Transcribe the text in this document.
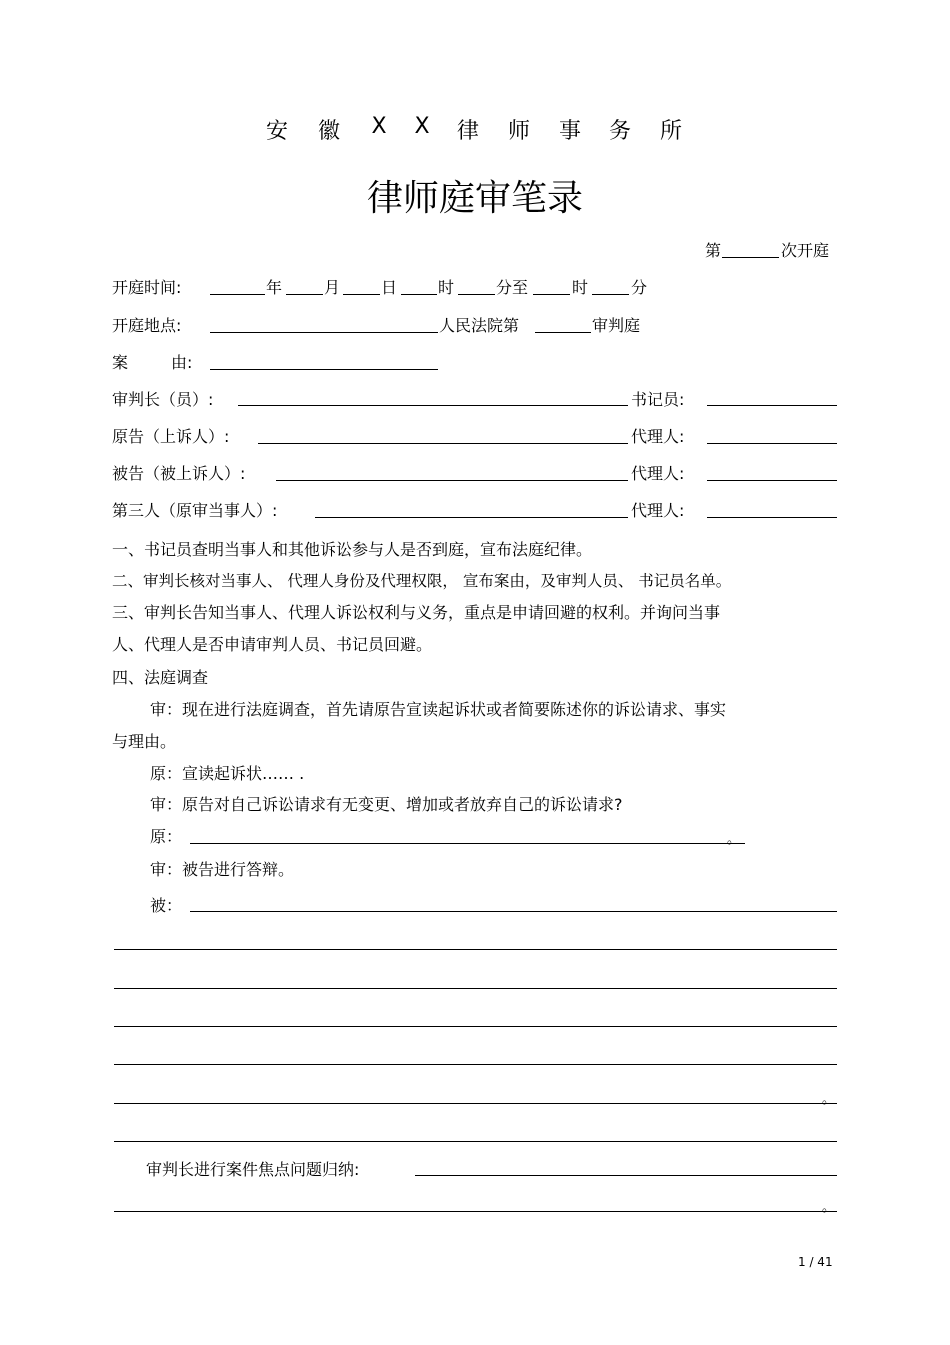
安 徽 X X 律 师 事 务 所
律师庭审笔录
第	次开庭
开庭时间:	年	月	日	时	分至	时	分
开庭地点:	人民法院第	审判庭
案	由:
审判长（员）:	书记员:
原告（上诉人）:	代理人:
被告（被上诉人）:	代理人:
第三人（原审当事人）:	代理人:
一、书记员查明当事人和其他诉讼参与人是否到庭，宣布法庭纪律。
二、审判长核对当事人、 代理人身份及代理权限， 宣布案由，及审判人员、 书记员名单。
三、审判长告知当事人、代理人诉讼权利与义务，重点是申请回避的权利。并询问当事
人、代理人是否申请审判人员、书记员回避。
四、法庭调查
审：现在进行法庭调查，首先请原告宣读起诉状或者简要陈述你的诉讼请求、事实
与理由。
原：宣读起诉状…… .
审：原告对自己诉讼请求有无变更、增加或者放弃自己的诉讼请求?
原：	。
审：被告进行答辩。
被：
。
审判长进行案件焦点问题归纳:
。
1 / 41
